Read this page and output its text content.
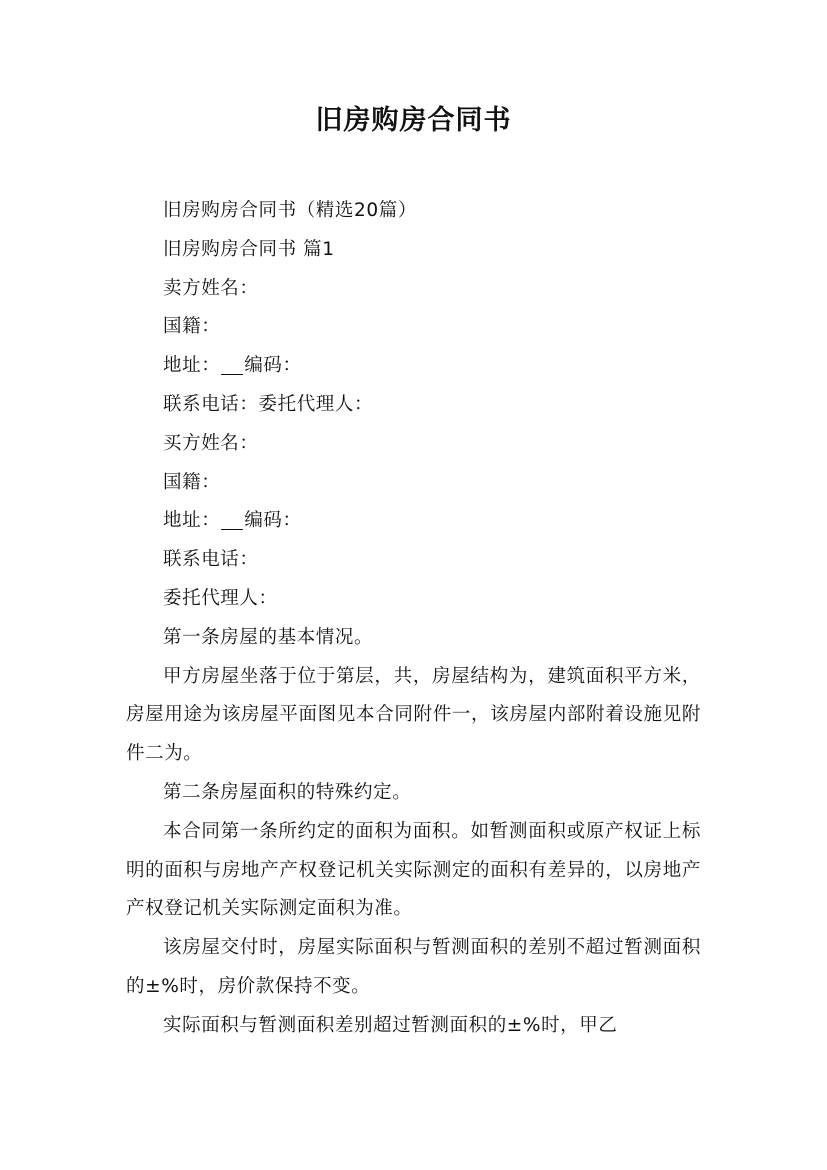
旧房购房合同书

旧房购房合同书（精选20篇）

旧房购房合同书 篇1

卖方姓名：

国籍：

地址： 编码：

联系电话：委托代理人：

买方姓名：

国籍：

地址： 编码：

联系电话：

委托代理人：

第一条房屋的基本情况。

甲方房屋坐落于位于第层，共，房屋结构为，建筑面积平方米，房屋用途为该房屋平面图见本合同附件一，该房屋内部附着设施见附件二为。

第二条房屋面积的特殊约定。

本合同第一条所约定的面积为面积。如暂测面积或原产权证上标明的面积与房地产产权登记机关实际测定的面积有差异的，以房地产产权登记机关实际测定面积为准。

该房屋交付时，房屋实际面积与暂测面积的差别不超过暂测面积的±%时，房价款保持不变。

实际面积与暂测面积差别超过暂测面积的±%时，甲乙
